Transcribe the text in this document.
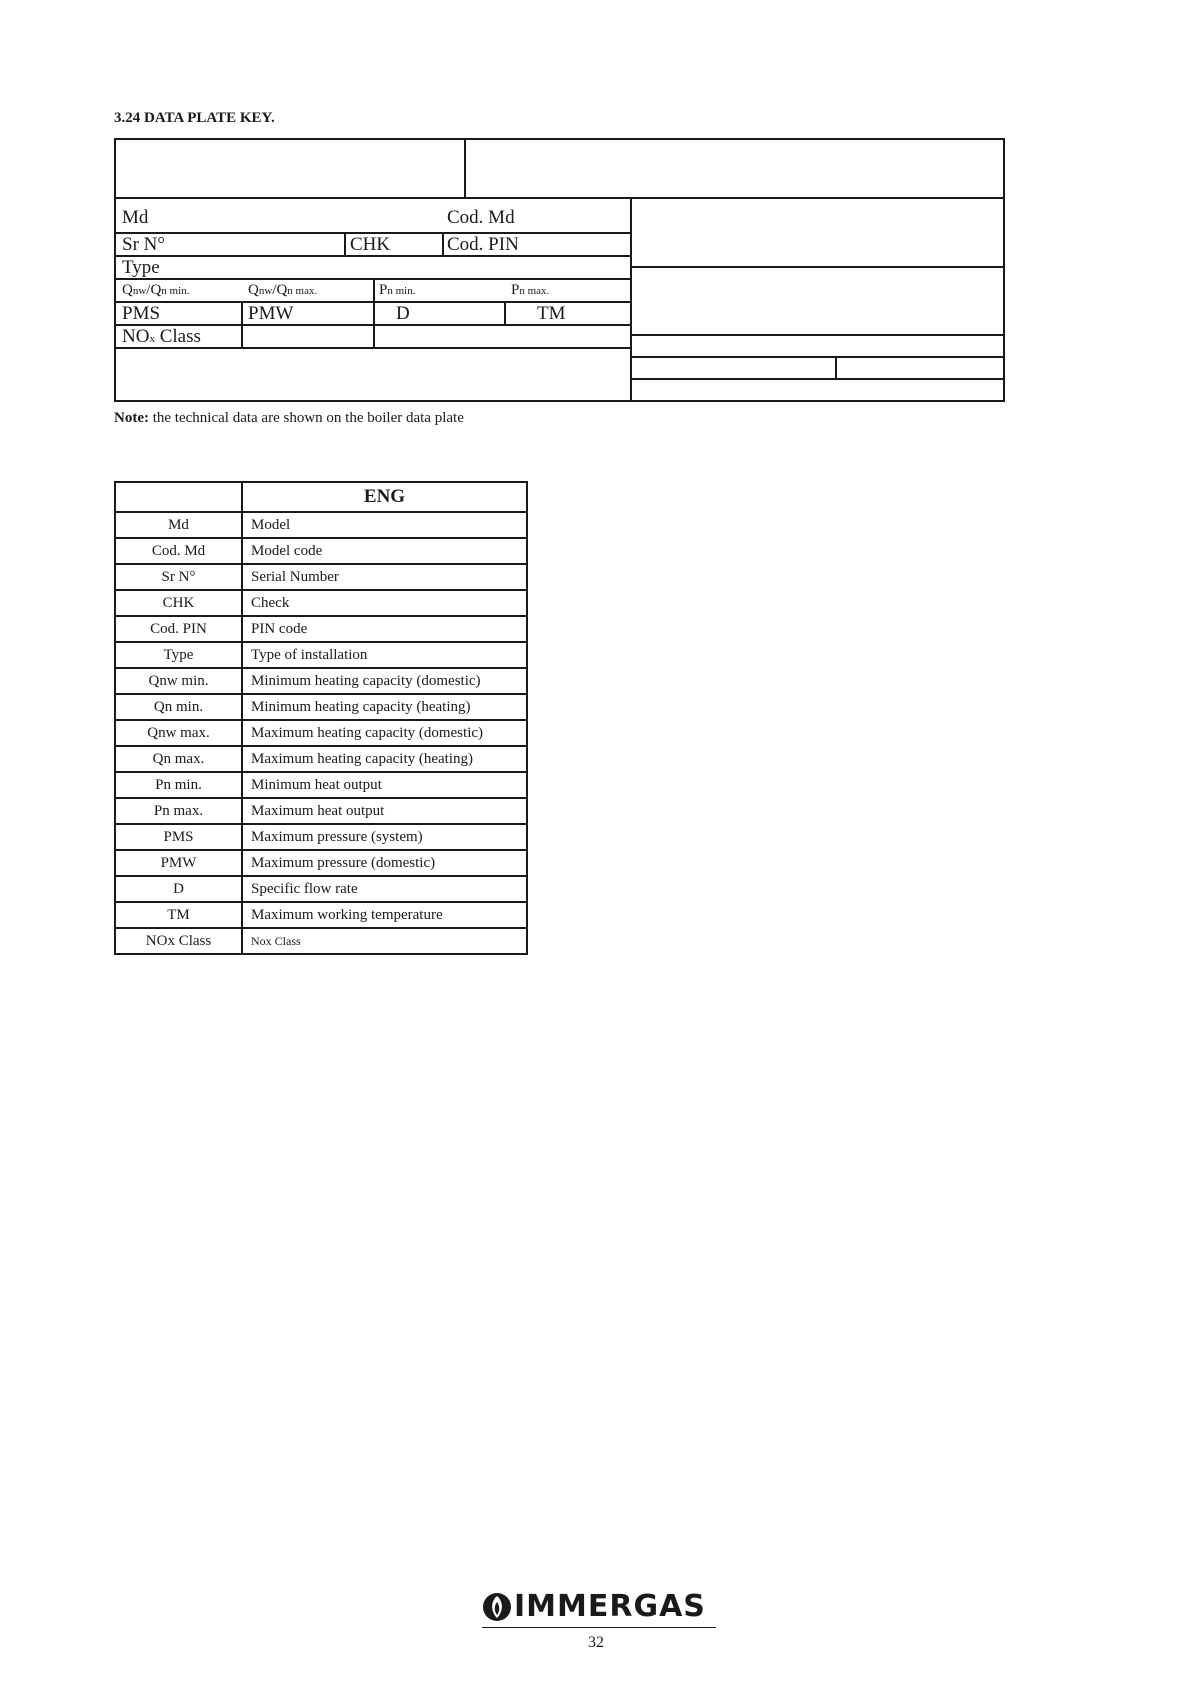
3.24 DATA PLATE KEY.
Md	Cod. Md
Sr N°	CHK	Cod. PIN
Type
Qnw/Qn min.	Qnw/Qn max.	Pn min.	Pn max.
PMS	PMW	D	TM
NOx Class
Note: the technical data are shown on the boiler data plate
	ENG
Md	Model
Cod. Md	Model code
Sr N°	Serial Number
CHK	Check
Cod. PIN	PIN code
Type	Type of installation
Qnw min.	Minimum heating capacity (domestic)
Qn min.	Minimum heating capacity (heating)
Qnw max.	Maximum heating capacity (domestic)
Qn max.	Maximum heating capacity (heating)
Pn min.	Minimum heat output
Pn max.	Maximum heat output
PMS	Maximum pressure (system)
PMW	Maximum pressure (domestic)
D	Specific flow rate
TM	Maximum working temperature
NOx Class	Nox Class
IMMERGAS
32
